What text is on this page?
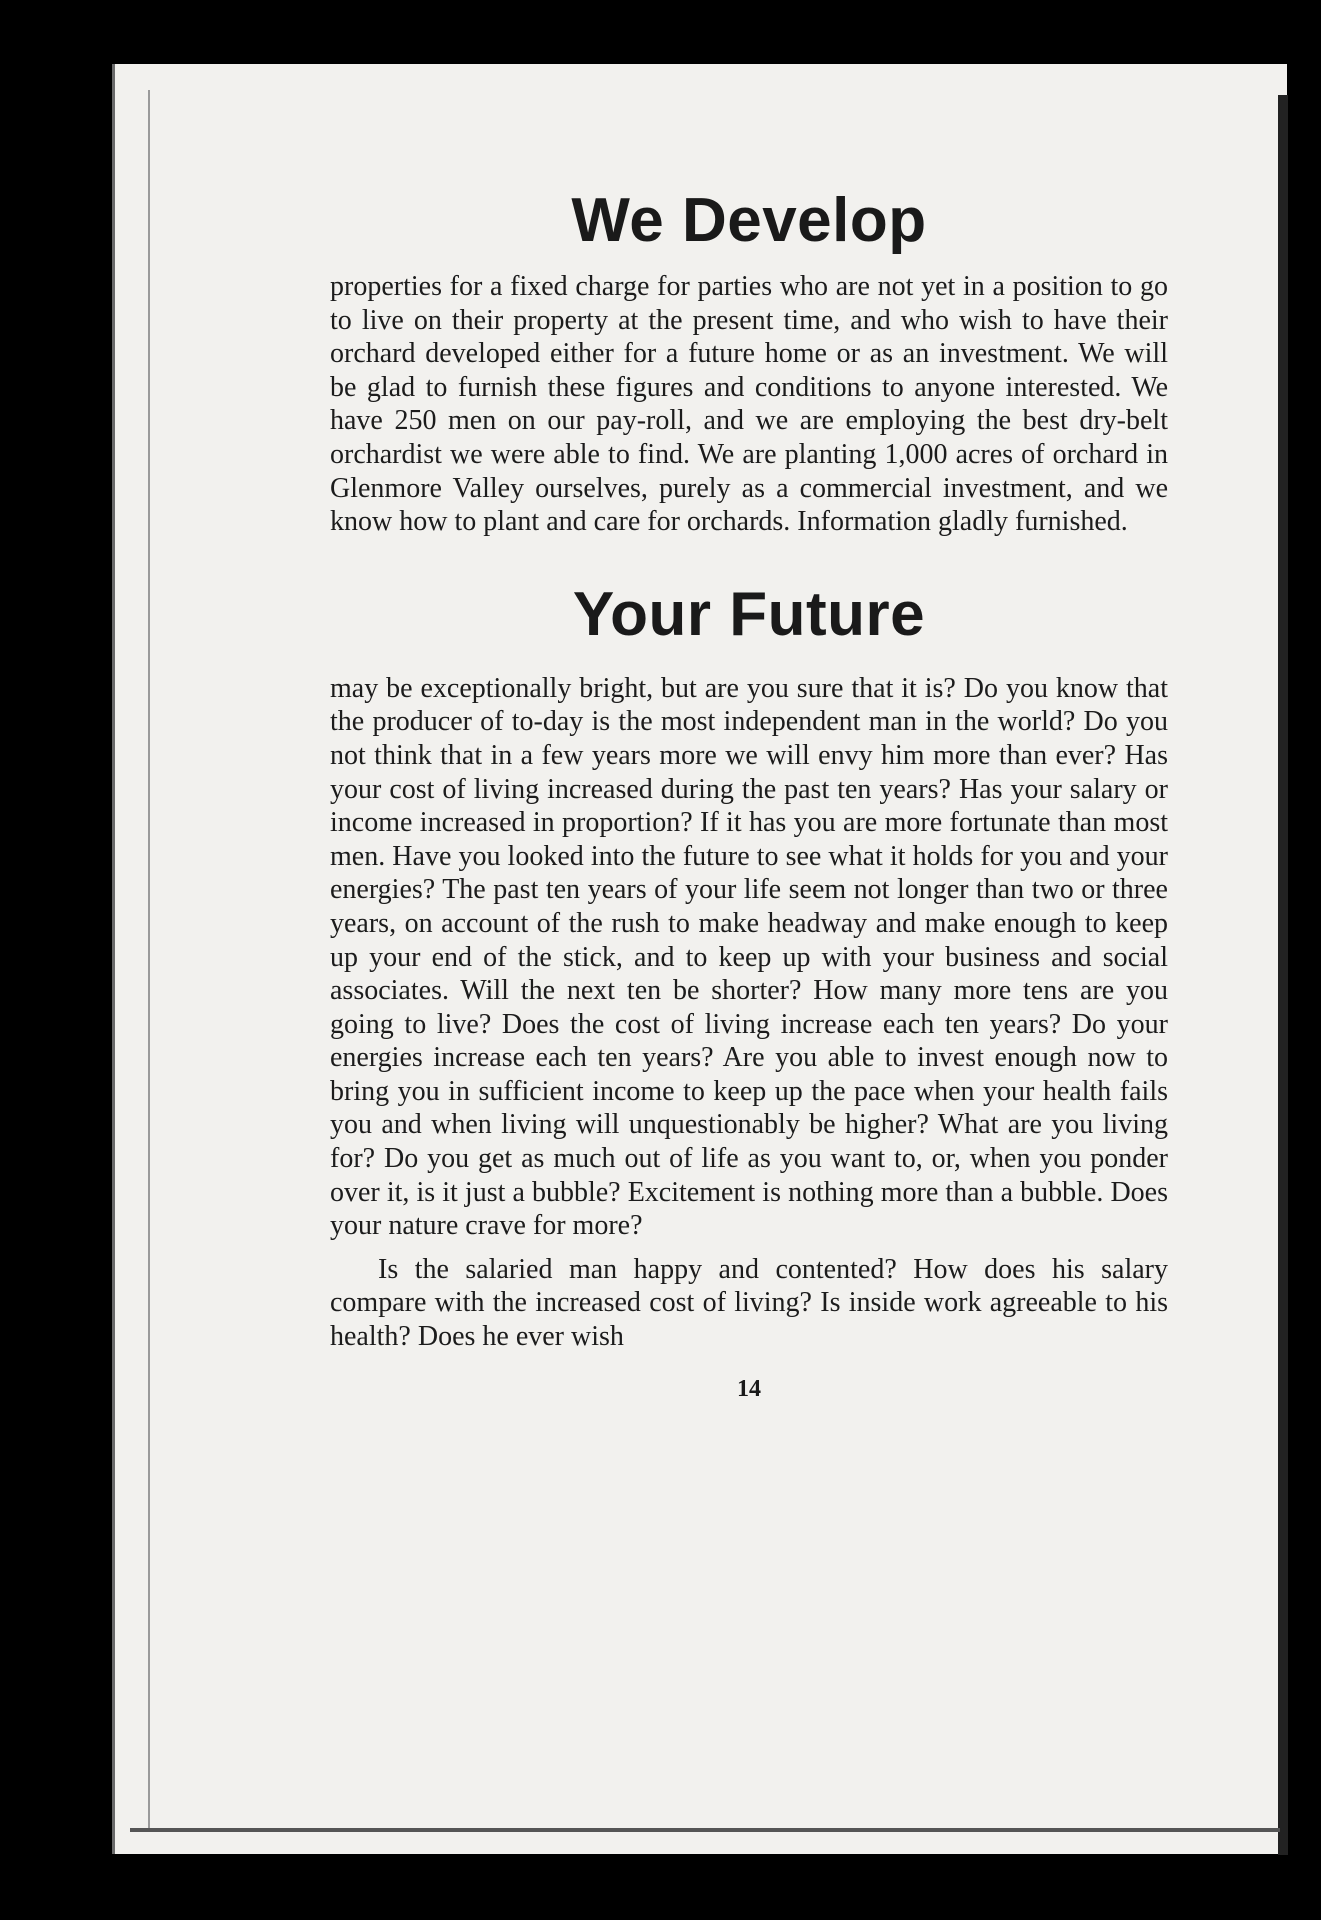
We Develop

properties for a fixed charge for parties who are not yet in a position to go to live on their property at the present time, and who wish to have their orchard developed either for a future home or as an investment. We will be glad to furnish these figures and conditions to anyone interested. We have 250 men on our pay-roll, and we are employing the best dry-belt orchardist we were able to find. We are planting 1,000 acres of orchard in Glenmore Valley ourselves, purely as a commercial investment, and we know how to plant and care for orchards. Information gladly furnished.

Your Future

may be exceptionally bright, but are you sure that it is? Do you know that the producer of to-day is the most independent man in the world? Do you not think that in a few years more we will envy him more than ever? Has your cost of living increased during the past ten years? Has your salary or income increased in proportion? If it has you are more fortunate than most men. Have you looked into the future to see what it holds for you and your energies? The past ten years of your life seem not longer than two or three years, on account of the rush to make headway and make enough to keep up your end of the stick, and to keep up with your business and social associates. Will the next ten be shorter? How many more tens are you going to live? Does the cost of living increase each ten years? Do your energies increase each ten years? Are you able to invest enough now to bring you in sufficient income to keep up the pace when your health fails you and when living will unquestionably be higher? What are you living for? Do you get as much out of life as you want to, or, when you ponder over it, is it just a bubble? Excitement is nothing more than a bubble. Does your nature crave for more?

Is the salaried man happy and contented? How does his salary compare with the increased cost of living? Is inside work agreeable to his health? Does he ever wish

14
